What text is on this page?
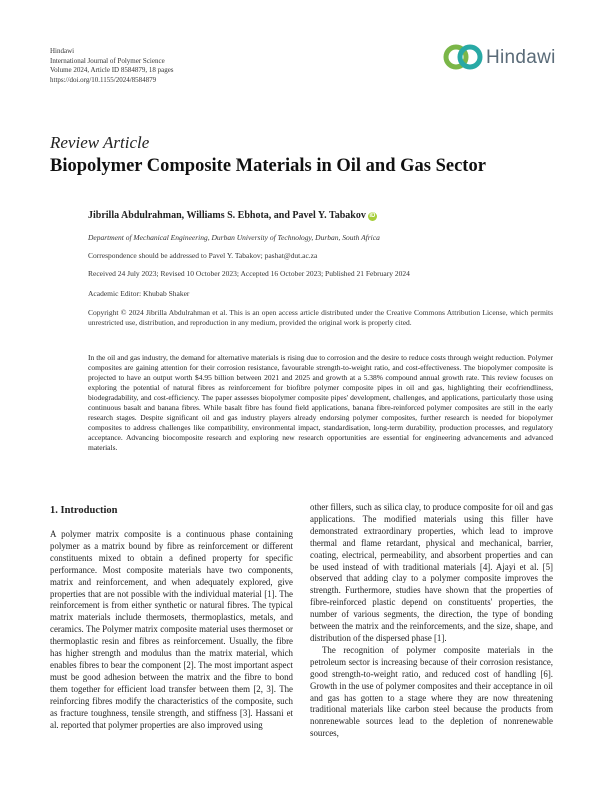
Hindawi
International Journal of Polymer Science
Volume 2024, Article ID 8584879, 18 pages
https://doi.org/10.1155/2024/8584879
Hindawi
Review Article
Biopolymer Composite Materials in Oil and Gas Sector
Jibrilla Abdulrahman, Williams S. Ebhota, and Pavel Y. Tabakov iD
Department of Mechanical Engineering, Durban University of Technology, Durban, South Africa
Correspondence should be addressed to Pavel Y. Tabakov; pashat@dut.ac.za
Received 24 July 2023; Revised 10 October 2023; Accepted 16 October 2023; Published 21 February 2024
Academic Editor: Khubab Shaker
Copyright © 2024 Jibrilla Abdulrahman et al. This is an open access article distributed under the Creative Commons Attribution License, which permits unrestricted use, distribution, and reproduction in any medium, provided the original work is properly cited.
In the oil and gas industry, the demand for alternative materials is rising due to corrosion and the desire to reduce costs through weight reduction. Polymer composites are gaining attention for their corrosion resistance, favourable strength-to-weight ratio, and cost-effectiveness. The biopolymer composite is projected to have an output worth $4.95 billion between 2021 and 2025 and growth at a 5.38% compound annual growth rate. This review focuses on exploring the potential of natural fibres as reinforcement for biofibre polymer composite pipes in oil and gas, highlighting their ecofriendliness, biodegradability, and cost-efficiency. The paper assesses biopolymer composite pipes' development, challenges, and applications, particularly those using continuous basalt and banana fibres. While basalt fibre has found field applications, banana fibre-reinforced polymer composites are still in the early research stages. Despite significant oil and gas industry players already endorsing polymer composites, further research is needed for biopolymer composites to address challenges like compatibility, environmental impact, standardisation, long-term durability, production processes, and regulatory acceptance. Advancing biocomposite research and exploring new research opportunities are essential for engineering advancements and advanced materials.
1. Introduction

A polymer matrix composite is a continuous phase containing polymer as a matrix bound by fibre as reinforcement or different constituents mixed to obtain a defined property for specific performance. Most composite materials have two components, matrix and reinforcement, and when adequately explored, give properties that are not possible with the individual material [1]. The reinforcement is from either synthetic or natural fibres. The typical matrix materials include thermosets, thermoplastics, metals, and ceramics. The Polymer matrix composite material uses thermoset or thermoplastic resin and fibres as reinforcement. Usually, the fibre has higher strength and modulus than the matrix material, which enables fibres to bear the component [2]. The most important aspect must be good adhesion between the matrix and the fibre to bond them together for efficient load transfer between them [2, 3]. The reinforcing fibres modify the characteristics of the composite, such as fracture toughness, tensile strength, and stiffness [3]. Hassani et al. reported that polymer properties are also improved using

other fillers, such as silica clay, to produce composite for oil and gas applications. The modified materials using this filler have demonstrated extraordinary properties, which lead to improve thermal and flame retardant, physical and mechanical, barrier, coating, electrical, permeability, and absorbent properties and can be used instead of with traditional materials [4]. Ajayi et al. [5] observed that adding clay to a polymer composite improves the strength. Furthermore, studies have shown that the properties of fibre-reinforced plastic depend on constituents' properties, the number of various segments, the direction, the type of bonding between the matrix and the reinforcements, and the size, shape, and distribution of the dispersed phase [1].

The recognition of polymer composite materials in the petroleum sector is increasing because of their corrosion resistance, good strength-to-weight ratio, and reduced cost of handling [6]. Growth in the use of polymer composites and their acceptance in oil and gas has gotten to a stage where they are now threatening traditional materials like carbon steel because the products from nonrenewable sources lead to the depletion of nonrenewable sources,
